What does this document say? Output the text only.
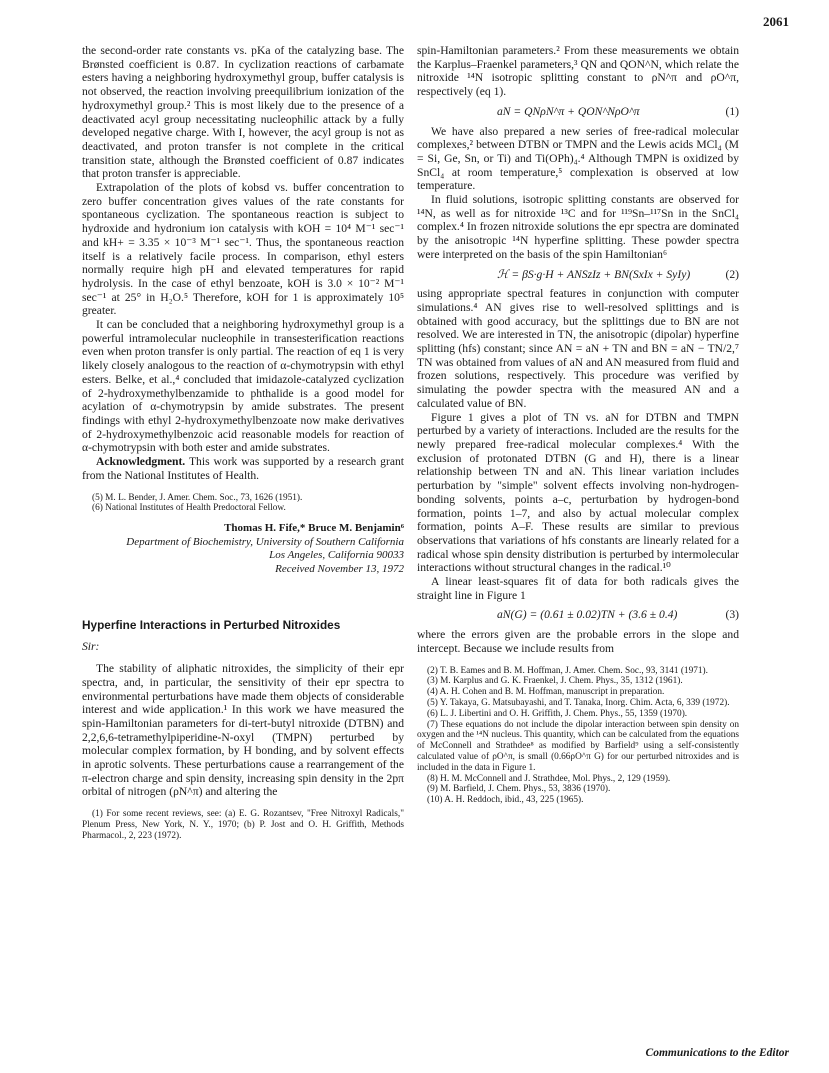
2061

the second-order rate constants vs. pKa of the catalyzing base. The Brønsted coefficient is 0.87. In cyclization reactions of carbamate esters having a neighboring hydroxymethyl group, buffer catalysis is not observed, the reaction involving preequilibrium ionization of the hydroxymethyl group.² This is most likely due to the presence of a deactivated acyl group necessitating nucleophilic attack by a fully developed negative charge. With I, however, the acyl group is not as deactivated, and proton transfer is not complete in the critical transition state, although the Brønsted coefficient of 0.87 indicates that proton transfer is appreciable.

Extrapolation of the plots of kobsd vs. buffer concentration to zero buffer concentration gives values of the rate constants for spontaneous cyclization. The spontaneous reaction is subject to hydroxide and hydronium ion catalysis with kOH = 10⁴ M⁻¹ sec⁻¹ and kH+ = 3.35 × 10⁻³ M⁻¹ sec⁻¹. Thus, the spontaneous reaction itself is a relatively facile process. In comparison, ethyl esters normally require high pH and elevated temperatures for rapid hydrolysis. In the case of ethyl benzoate, kOH is 3.0 × 10⁻² M⁻¹ sec⁻¹ at 25° in H₂O.⁵ Therefore, kOH for 1 is approximately 10⁵ greater.

It can be concluded that a neighboring hydroxymethyl group is a powerful intramolecular nucleophile in transesterification reactions even when proton transfer is only partial. The reaction of eq 1 is very likely closely analogous to the reaction of α-chymotrypsin with ethyl esters. Belke, et al.,⁴ concluded that imidazole-catalyzed cyclization of 2-hydroxymethylbenzamide to phthalide is a good model for acylation of α-chymotrypsin by amide substrates. The present findings with ethyl 2-hydroxymethylbenzoate now make derivatives of 2-hydroxymethylbenzoic acid reasonable models for reaction of α-chymotrypsin with both ester and amide substrates.

Acknowledgment. This work was supported by a research grant from the National Institutes of Health.

(5) M. L. Bender, J. Amer. Chem. Soc., 73, 1626 (1951).

(6) National Institutes of Health Predoctoral Fellow.

Thomas H. Fife,* Bruce M. Benjamin⁶
Department of Biochemistry, University of Southern California
Los Angeles, California 90033
Received November 13, 1972
Hyperfine Interactions in Perturbed Nitroxides
Sir:

The stability of aliphatic nitroxides, the simplicity of their epr spectra, and, in particular, the sensitivity of their epr spectra to environmental perturbations have made them objects of considerable interest and wide application.¹ In this work we have measured the spin-Hamiltonian parameters for di-tert-butyl nitroxide (DTBN) and 2,2,6,6-tetramethylpiperidine-N-oxyl (TMPN) perturbed by molecular complex formation, by H bonding, and by solvent effects in aprotic solvents. These perturbations cause a rearrangement of the π-electron charge and spin density, increasing spin density in the 2pπ orbital of nitrogen (ρN^π) and altering the

(1) For some recent reviews, see: (a) E. G. Rozantsev, "Free Nitroxyl Radicals," Plenum Press, New York, N. Y., 1970; (b) P. Jost and O. H. Griffith, Methods Pharmacol., 2, 223 (1972).

spin-Hamiltonian parameters.² From these measurements we obtain the Karplus–Fraenkel parameters,³ QN and QON^N, which relate the nitroxide ¹⁴N isotropic splitting constant to ρN^π and ρO^π, respectively (eq 1).

aN = QNρN^π + QON^NρO^π	(1)

We have also prepared a new series of free-radical molecular complexes,² between DTBN or TMPN and the Lewis acids MCl₄ (M = Si, Ge, Sn, or Ti) and Ti(OPh)₄.⁴ Although TMPN is oxidized by SnCl₄ at room temperature,⁵ complexation is observed at low temperature.

In fluid solutions, isotropic splitting constants are observed for ¹⁴N, as well as for nitroxide ¹³C and for ¹¹⁹Sn–¹¹⁷Sn in the SnCl₄ complex.⁴ In frozen nitroxide solutions the epr spectra are dominated by the anisotropic ¹⁴N hyperfine splitting. These powder spectra were interpreted on the basis of the spin Hamiltonian⁶

ℋ = βS·g·H + ANSzIz + BN(SxIx + SyIy)	(2)

using appropriate spectral features in conjunction with computer simulations.⁴ AN gives rise to well-resolved splittings and is obtained with good accuracy, but the splittings due to BN are not resolved. We are interested in TN, the anisotropic (dipolar) hyperfine splitting (hfs) constant; since AN = aN + TN and BN = aN − TN/2,⁷ TN was obtained from values of aN and AN measured from fluid and frozen solutions, respectively. This procedure was verified by simulating the powder spectra with the measured AN and a calculated value of BN.

Figure 1 gives a plot of TN vs. aN for DTBN and TMPN perturbed by a variety of interactions. Included are the results for the newly prepared free-radical molecular complexes.⁴ With the exclusion of protonated DTBN (G and H), there is a linear relationship between TN and aN. This linear variation includes perturbation by "simple" solvent effects involving non-hydrogen-bonding solvents, points a–c, perturbation by hydrogen-bond formation, points 1–7, and also by actual molecular complex formation, points A–F. These results are similar to previous observations that variations of hfs constants are linearly related for a radical whose spin density distribution is perturbed by intermolecular interactions without structural changes in the radical.¹⁰

A linear least-squares fit of data for both radicals gives the straight line in Figure 1

aN(G) = (0.61 ± 0.02)TN + (3.6 ± 0.4)	(3)

where the errors given are the probable errors in the slope and intercept. Because we include results from

(2) T. B. Eames and B. M. Hoffman, J. Amer. Chem. Soc., 93, 3141 (1971).

(3) M. Karplus and G. K. Fraenkel, J. Chem. Phys., 35, 1312 (1961).

(4) A. H. Cohen and B. M. Hoffman, manuscript in preparation.

(5) Y. Takaya, G. Matsubayashi, and T. Tanaka, Inorg. Chim. Acta, 6, 339 (1972).

(6) L. J. Libertini and O. H. Griffith, J. Chem. Phys., 55, 1359 (1970).

(7) These equations do not include the dipolar interaction between spin density on oxygen and the ¹⁴N nucleus. This quantity, which can be calculated from the equations of McConnell and Strathdee⁸ as modified by Barfield⁹ using a self-consistently calculated value of ρO^π, is small (0.66ρO^π G) for our perturbed nitroxides and is included in the data in Figure 1.

(8) H. M. McConnell and J. Strathdee, Mol. Phys., 2, 129 (1959).

(9) M. Barfield, J. Chem. Phys., 53, 3836 (1970).

(10) A. H. Reddoch, ibid., 43, 225 (1965).

Communications to the Editor
